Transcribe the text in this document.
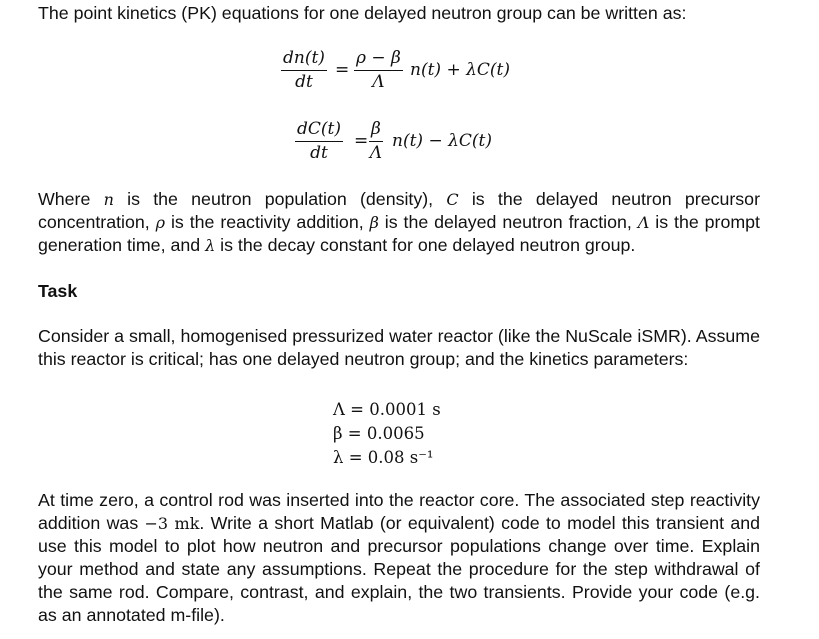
The point kinetics (PK) equations for one delayed neutron group can be written as:
$\frac{dn(t)}{dt} = \frac{\rho - \beta}{\Lambda} n(t) + \lambda C(t)$
$\frac{dC(t)}{dt} = \frac{\beta}{\Lambda} n(t) - \lambda C(t)$
Where n is the neutron population (density), C is the delayed neutron precursor concentration, ρ is the reactivity addition, β is the delayed neutron fraction, Λ is the prompt generation time, and λ is the decay constant for one delayed neutron group.
Task
Consider a small, homogenised pressurized water reactor (like the NuScale iSMR). Assume this reactor is critical; has one delayed neutron group; and the kinetics parameters:
Λ = 0.0001 s
β = 0.0065
λ = 0.08 s⁻¹
At time zero, a control rod was inserted into the reactor core. The associated step reactivity addition was −3 mk. Write a short Matlab (or equivalent) code to model this transient and use this model to plot how neutron and precursor populations change over time. Explain your method and state any assumptions. Repeat the procedure for the step withdrawal of the same rod. Compare, contrast, and explain, the two transients. Provide your code (e.g. as an annotated m-file).
